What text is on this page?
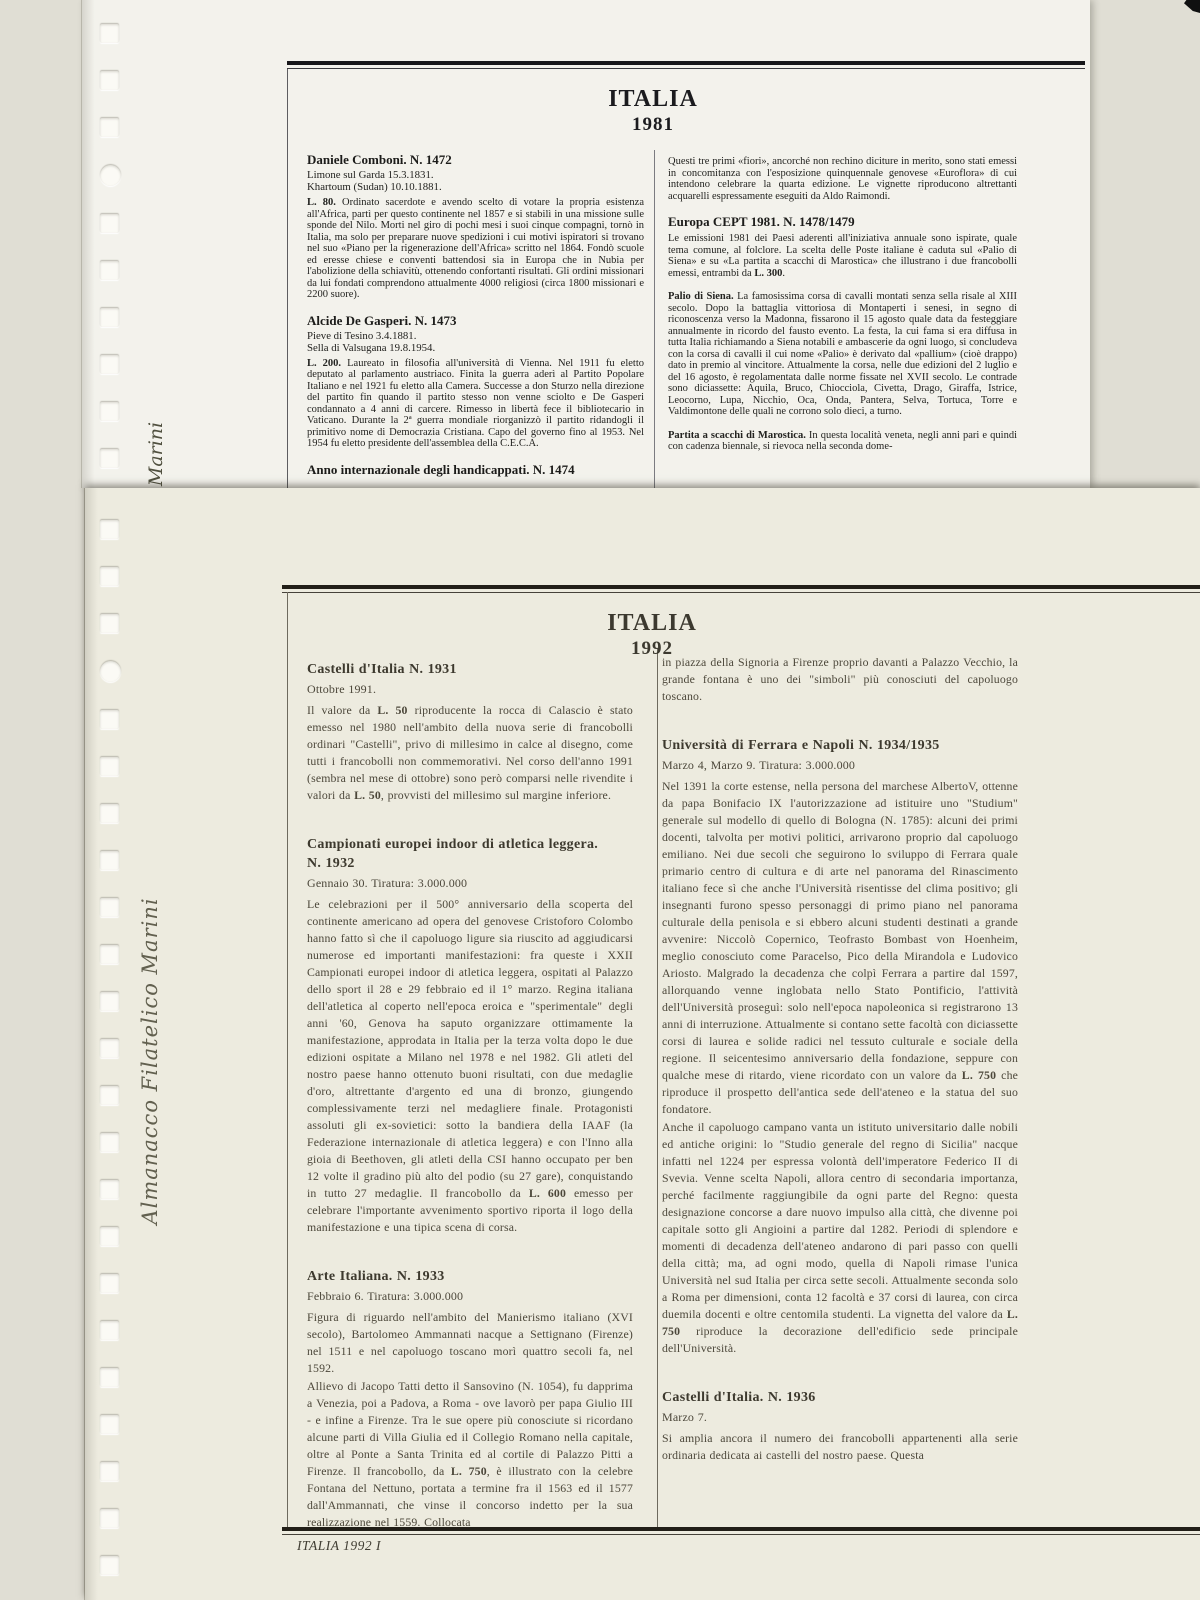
ITALIA
1981
Daniele Comboni. N. 1472
Limone sul Garda 15.3.1831.
Khartoum (Sudan) 10.10.1881.

L. 80. Ordinato sacerdote e avendo scelto di votare la propria esistenza all'Africa, partì per questo continente nel 1857 e si stabilì in una missione sulle sponde del Nilo. Morti nel giro di pochi mesi i suoi cinque compagni, tornò in Italia, ma solo per preparare nuove spedizioni i cui motivi ispiratori si trovano nel suo «Piano per la rigenerazione dell'Africa» scritto nel 1864. Fondò scuole ed eresse chiese e conventi battendosi sia in Europa che in Nubia per l'abolizione della schiavitù, ottenendo confortanti risultati. Gli ordini missionari da lui fondati comprendono attualmente 4000 religiosi (circa 1800 missionari e 2200 suore).

Alcide De Gasperi. N. 1473
Pieve di Tesino 3.4.1881.
Sella di Valsugana 19.8.1954.

L. 200. Laureato in filosofia all'università di Vienna. Nel 1911 fu eletto deputato al parlamento austriaco. Finita la guerra aderì al Partito Popolare Italiano e nel 1921 fu eletto alla Camera. Successe a don Sturzo nella direzione del partito fin quando il partito stesso non venne sciolto e De Gasperi condannato a 4 anni di carcere. Rimesso in libertà fece il bibliotecario in Vaticano. Durante la 2ª guerra mondiale riorganizzò il partito ridandogli il primitivo nome di Democrazia Cristiana. Capo del governo fino al 1953. Nel 1954 fu eletto presidente dell'assemblea della C.E.C.A.

Anno internazionale degli handicappati. N. 1474

Questi tre primi «fiori», ancorché non rechino diciture in merito, sono stati emessi in concomitanza con l'esposizione quinquennale genovese «Euroflora» di cui intendono celebrare la quarta edizione. Le vignette riproducono altrettanti acquarelli espressamente eseguiti da Aldo Raimondi.

Europa CEPT 1981. N. 1478/1479

Le emissioni 1981 dei Paesi aderenti all'iniziativa annuale sono ispirate, quale tema comune, al folclore. La scelta delle Poste italiane è caduta sul «Palio di Siena» e su «La partita a scacchi di Marostica» che illustrano i due francobolli emessi, entrambi da L. 300.

Palio di Siena. La famosissima corsa di cavalli montati senza sella risale al XIII secolo. Dopo la battaglia vittoriosa di Montaperti i senesi, in segno di riconoscenza verso la Madonna, fissarono il 15 agosto quale data da festeggiare annualmente in ricordo del fausto evento. La festa, la cui fama si era diffusa in tutta Italia richiamando a Siena notabili e ambascerie da ogni luogo, si concludeva con la corsa di cavalli il cui nome «Palio» è derivato dal «pallium» (cioè drappo) dato in premio al vincitore. Attualmente la corsa, nelle due edizioni del 2 luglio e del 16 agosto, è regolamentata dalle norme fissate nel XVII secolo. Le contrade sono diciassette: Aquila, Bruco, Chiocciola, Civetta, Drago, Giraffa, Istrice, Leocorno, Lupa, Nicchio, Oca, Onda, Pantera, Selva, Tortuca, Torre e Valdimontone delle quali ne corrono solo dieci, a turno.

Partita a scacchi di Marostica. In questa località veneta, negli anni pari e quindi con cadenza biennale, si rievoca nella seconda dome-

Marini
ITALIA
1992
Castelli d'Italia N. 1931
Ottobre 1991.

Il valore da L. 50 riproducente la rocca di Calascio è stato emesso nel 1980 nell'ambito della nuova serie di francobolli ordinari "Castelli", privo di millesimo in calce al disegno, come tutti i francobolli non commemorativi. Nel corso dell'anno 1991 (sembra nel mese di ottobre) sono però comparsi nelle rivendite i valori da L. 50, provvisti del millesimo sul margine inferiore.

Campionati europei indoor di atletica leggera.
N. 1932
Gennaio 30. Tiratura: 3.000.000

Le celebrazioni per il 500° anniversario della scoperta del continente americano ad opera del genovese Cristoforo Colombo hanno fatto sì che il capoluogo ligure sia riuscito ad aggiudicarsi numerose ed importanti manifestazioni: fra queste i XXII Campionati europei indoor di atletica leggera, ospitati al Palazzo dello sport il 28 e 29 febbraio ed il 1° marzo. Regina italiana dell'atletica al coperto nell'epoca eroica e "sperimentale" degli anni '60, Genova ha saputo organizzare ottimamente la manifestazione, approdata in Italia per la terza volta dopo le due edizioni ospitate a Milano nel 1978 e nel 1982. Gli atleti del nostro paese hanno ottenuto buoni risultati, con due medaglie d'oro, altrettante d'argento ed una di bronzo, giungendo complessivamente terzi nel medagliere finale. Protagonisti assoluti gli ex-sovietici: sotto la bandiera della IAAF (la Federazione internazionale di atletica leggera) e con l'Inno alla gioia di Beethoven, gli atleti della CSI hanno occupato per ben 12 volte il gradino più alto del podio (su 27 gare), conquistando in tutto 27 medaglie. Il francobollo da L. 600 emesso per celebrare l'importante avvenimento sportivo riporta il logo della manifestazione e una tipica scena di corsa.

Arte Italiana. N. 1933
Febbraio 6. Tiratura: 3.000.000

Figura di riguardo nell'ambito del Manierismo italiano (XVI secolo), Bartolomeo Ammannati nacque a Settignano (Firenze) nel 1511 e nel capoluogo toscano morì quattro secoli fa, nel 1592.

Allievo di Jacopo Tatti detto il Sansovino (N. 1054), fu dapprima a Venezia, poi a Padova, a Roma - ove lavorò per papa Giulio III - e infine a Firenze. Tra le sue opere più conosciute si ricordano alcune parti di Villa Giulia ed il Collegio Romano nella capitale, oltre al Ponte a Santa Trinita ed al cortile di Palazzo Pitti a Firenze. Il francobollo, da L. 750, è illustrato con la celebre Fontana del Nettuno, portata a termine fra il 1563 ed il 1577 dall'Ammannati, che vinse il concorso indetto per la sua realizzazione nel 1559. Collocata

in piazza della Signoria a Firenze proprio davanti a Palazzo Vecchio, la grande fontana è uno dei "simboli" più conosciuti del capoluogo toscano.

Università di Ferrara e Napoli N. 1934/1935
Marzo 4, Marzo 9. Tiratura: 3.000.000

Nel 1391 la corte estense, nella persona del marchese AlbertoV, ottenne da papa Bonifacio IX l'autorizzazione ad istituire uno "Studium" generale sul modello di quello di Bologna (N. 1785): alcuni dei primi docenti, talvolta per motivi politici, arrivarono proprio dal capoluogo emiliano. Nei due secoli che seguirono lo sviluppo di Ferrara quale primario centro di cultura e di arte nel panorama del Rinascimento italiano fece sì che anche l'Università risentisse del clima positivo; gli insegnanti furono spesso personaggi di primo piano nel panorama culturale della penisola e si ebbero alcuni studenti destinati a grande avvenire: Niccolò Copernico, Teofrasto Bombast von Hoenheim, meglio conosciuto come Paracelso, Pico della Mirandola e Ludovico Ariosto. Malgrado la decadenza che colpì Ferrara a partire dal 1597, allorquando venne inglobata nello Stato Pontificio, l'attività dell'Università proseguì: solo nell'epoca napoleonica si registrarono 13 anni di interruzione. Attualmente si contano sette facoltà con diciassette corsi di laurea e solide radici nel tessuto culturale e sociale della regione. Il seicentesimo anniversario della fondazione, seppure con qualche mese di ritardo, viene ricordato con un valore da L. 750 che riproduce il prospetto dell'antica sede dell'ateneo e la statua del suo fondatore.

Anche il capoluogo campano vanta un istituto universitario dalle nobili ed antiche origini: lo "Studio generale del regno di Sicilia" nacque infatti nel 1224 per espressa volontà dell'imperatore Federico II di Svevia. Venne scelta Napoli, allora centro di secondaria importanza, perché facilmente raggiungibile da ogni parte del Regno: questa designazione concorse a dare nuovo impulso alla città, che divenne poi capitale sotto gli Angioini a partire dal 1282. Periodi di splendore e momenti di decadenza dell'ateneo andarono di pari passo con quelli della città; ma, ad ogni modo, quella di Napoli rimase l'unica Università nel sud Italia per circa sette secoli. Attualmente seconda solo a Roma per dimensioni, conta 12 facoltà e 37 corsi di laurea, con circa duemila docenti e oltre centomila studenti. La vignetta del valore da L. 750 riproduce la decorazione dell'edificio sede principale dell'Università.

Castelli d'Italia. N. 1936
Marzo 7.

Si amplia ancora il numero dei francobolli appartenenti alla serie ordinaria dedicata ai castelli del nostro paese. Questa

ITALIA 1992 I
Almanacco Filatelico Marini
